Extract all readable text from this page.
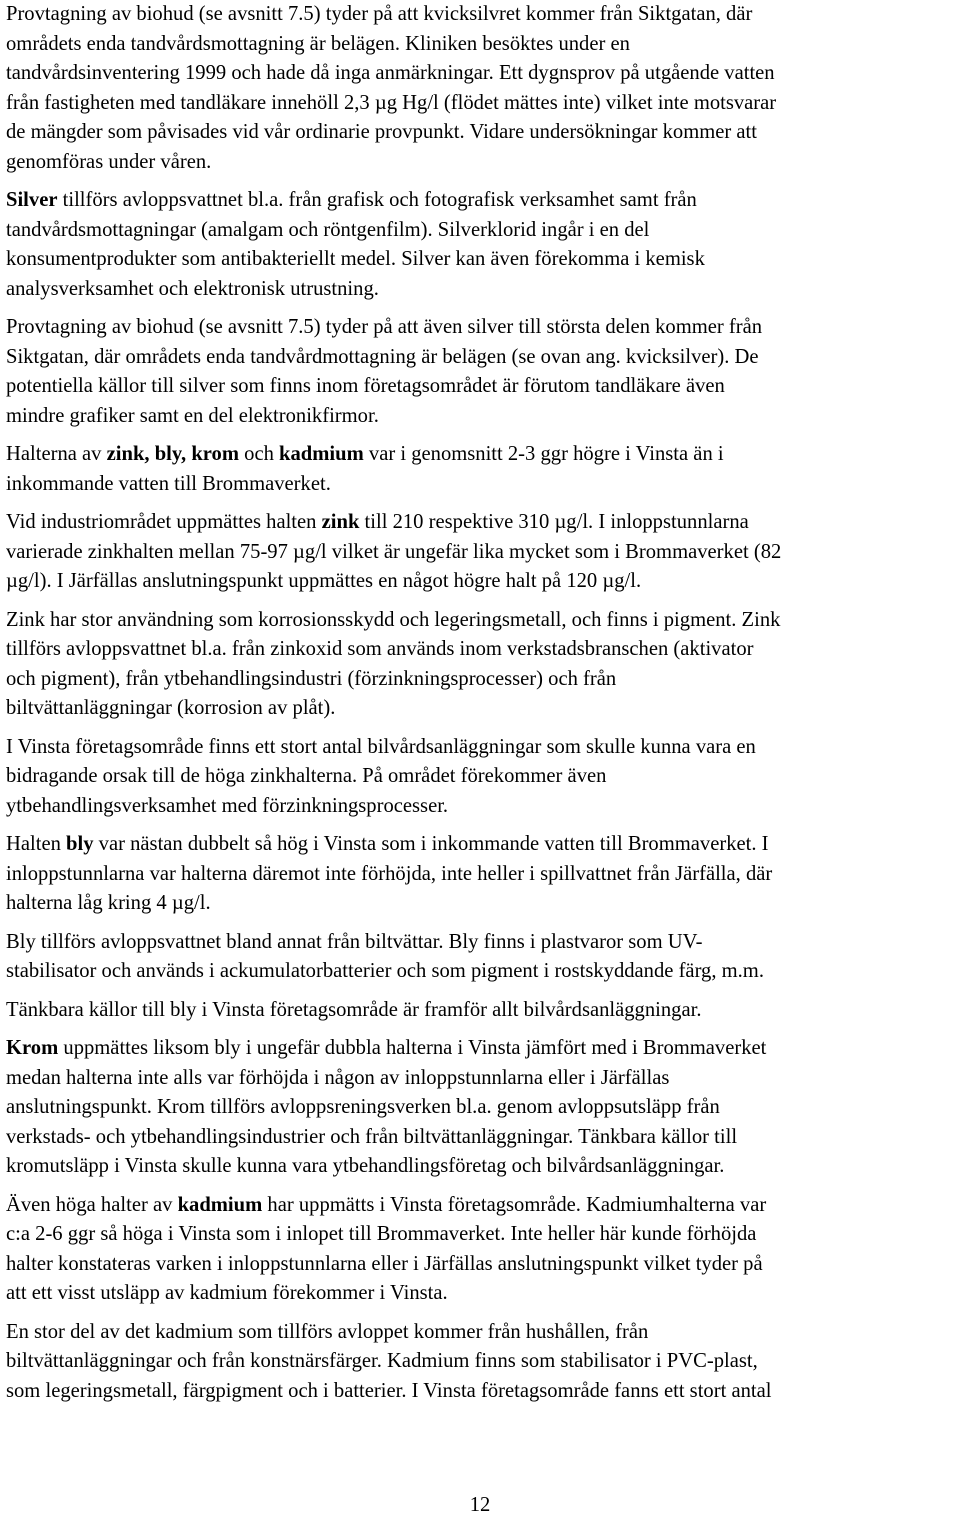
Provtagning av biohud (se avsnitt 7.5) tyder på att kvicksilvret kommer från Siktgatan, där
områdets enda tandvårdsmottagning är belägen. Kliniken besöktes under en
tandvårdsinventering 1999 och hade då inga anmärkningar. Ett dygnsprov på utgående vatten
från fastigheten med tandläkare innehöll 2,3 µg Hg/l (flödet mättes inte) vilket inte motsvarar
de mängder som påvisades vid vår ordinarie provpunkt. Vidare undersökningar kommer att
genomföras under våren.
Silver tillförs avloppsvattnet bl.a. från grafisk och fotografisk verksamhet samt från
tandvårdsmottagningar (amalgam och röntgenfilm). Silverklorid ingår i en del
konsumentprodukter som antibakteriellt medel. Silver kan även förekomma i kemisk
analysverksamhet och elektronisk utrustning.
Provtagning av biohud (se avsnitt 7.5) tyder på att även silver till största delen kommer från
Siktgatan, där områdets enda tandvårdmottagning är belägen (se ovan ang. kvicksilver). De
potentiella källor till silver som finns inom företagsområdet är förutom tandläkare även
mindre grafiker samt en del elektronikfirmor.
Halterna av zink, bly, krom och kadmium var i genomsnitt 2-3 ggr högre i Vinsta än i
inkommande vatten till Brommaverket.
Vid industriområdet uppmättes halten zink till 210 respektive 310 µg/l. I inloppstunnlarna
varierade zinkhalten mellan 75-97 µg/l vilket är ungefär lika mycket som i Brommaverket (82
µg/l). I Järfällas anslutningspunkt uppmättes en något högre halt på 120 µg/l.
Zink har stor användning som korrosionsskydd och legeringsmetall, och finns i pigment. Zink
tillförs avloppsvattnet bl.a. från zinkoxid som används inom verkstadsbranschen (aktivator
och pigment), från ytbehandlingsindustri (förzinkningsprocesser) och från
biltvättanläggningar (korrosion av plåt).
I Vinsta företagsområde finns ett stort antal bilvårdsanläggningar som skulle kunna vara en
bidragande orsak till de höga zinkhalterna. På området förekommer även
ytbehandlingsverksamhet med förzinkningsprocesser.
Halten bly var nästan dubbelt så hög i Vinsta som i inkommande vatten till Brommaverket. I
inloppstunnlarna var halterna däremot inte förhöjda, inte heller i spillvattnet från Järfälla, där
halterna låg kring 4 µg/l.
Bly tillförs avloppsvattnet bland annat från biltvättar. Bly finns i plastvaror som UV-
stabilisator och används i ackumulatorbatterier och som pigment i rostskyddande färg, m.m.
Tänkbara källor till bly i Vinsta företagsområde är framför allt bilvårdsanläggningar.
Krom uppmättes liksom bly i ungefär dubbla halterna i Vinsta jämfört med i Brommaverket
medan halterna inte alls var förhöjda i någon av inloppstunnlarna eller i Järfällas
anslutningspunkt. Krom tillförs avloppsreningsverken bl.a. genom avloppsutsläpp från
verkstads- och ytbehandlingsindustrier och från biltvättanläggningar. Tänkbara källor till
kromutsläpp i Vinsta skulle kunna vara ytbehandlingsföretag och bilvårdsanläggningar.
Även höga halter av kadmium har uppmätts i Vinsta företagsområde. Kadmiumhalterna var
c:a 2-6 ggr så höga i Vinsta som i inlopet till Brommaverket. Inte heller här kunde förhöjda
halter konstateras varken i inloppstunnlarna eller i Järfällas anslutningspunkt vilket tyder på
att ett visst utsläpp av kadmium förekommer i Vinsta.
En stor del av det kadmium som tillförs avloppet kommer från hushållen, från
biltvättanläggningar och från konstnärsfärger. Kadmium finns som stabilisator i PVC-plast,
som legeringsmetall, färgpigment och i batterier. I Vinsta företagsområde fanns ett stort antal
12
